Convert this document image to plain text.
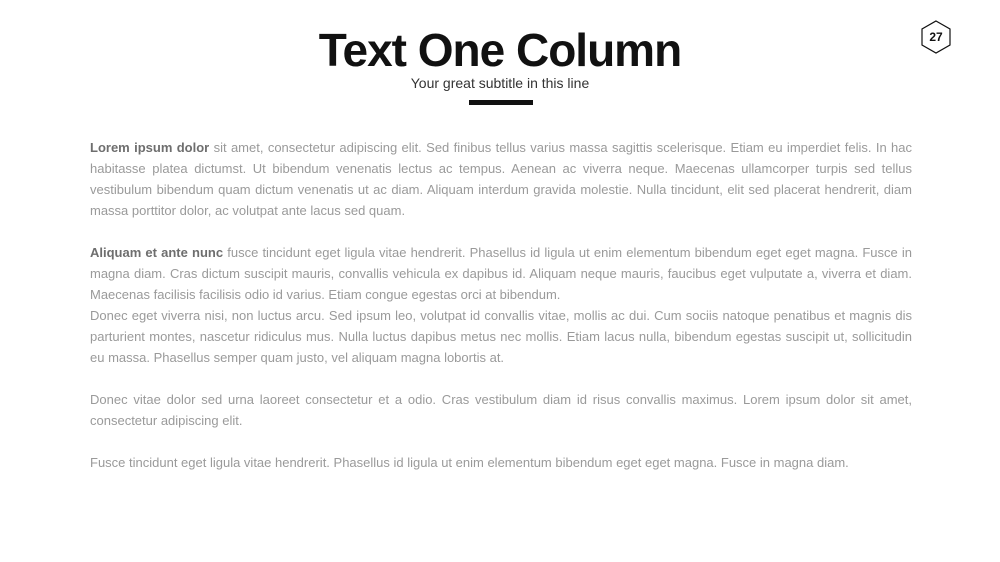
Text One Column
Your great subtitle in this line
27

Lorem ipsum dolor sit amet, consectetur adipiscing elit. Sed finibus tellus varius massa sagittis scelerisque. Etiam eu imperdiet felis. In hac habitasse platea dictumst. Ut bibendum venenatis lectus ac tempus. Aenean ac viverra neque. Maecenas ullamcorper turpis sed tellus vestibulum bibendum quam dictum venenatis ut ac diam. Aliquam interdum gravida molestie. Nulla tincidunt, elit sed placerat hendrerit, diam massa porttitor dolor, ac volutpat ante lacus sed quam.

Aliquam et ante nunc fusce tincidunt eget ligula vitae hendrerit. Phasellus id ligula ut enim elementum bibendum eget eget magna. Fusce in magna diam. Cras dictum suscipit mauris, convallis vehicula ex dapibus id. Aliquam neque mauris, faucibus eget vulputate a, viverra et diam. Maecenas facilisis facilisis odio id varius. Etiam congue egestas orci at bibendum.

Donec eget viverra nisi, non luctus arcu. Sed ipsum leo, volutpat id convallis vitae, mollis ac dui. Cum sociis natoque penatibus et magnis dis parturient montes, nascetur ridiculus mus. Nulla luctus dapibus metus nec mollis. Etiam lacus nulla, bibendum egestas suscipit ut, sollicitudin eu massa. Phasellus semper quam justo, vel aliquam magna lobortis at.

Donec vitae dolor sed urna laoreet consectetur et a odio. Cras vestibulum diam id risus convallis maximus. Lorem ipsum dolor sit amet, consectetur adipiscing elit.

Fusce tincidunt eget ligula vitae hendrerit. Phasellus id ligula ut enim elementum bibendum eget eget magna. Fusce in magna diam.
